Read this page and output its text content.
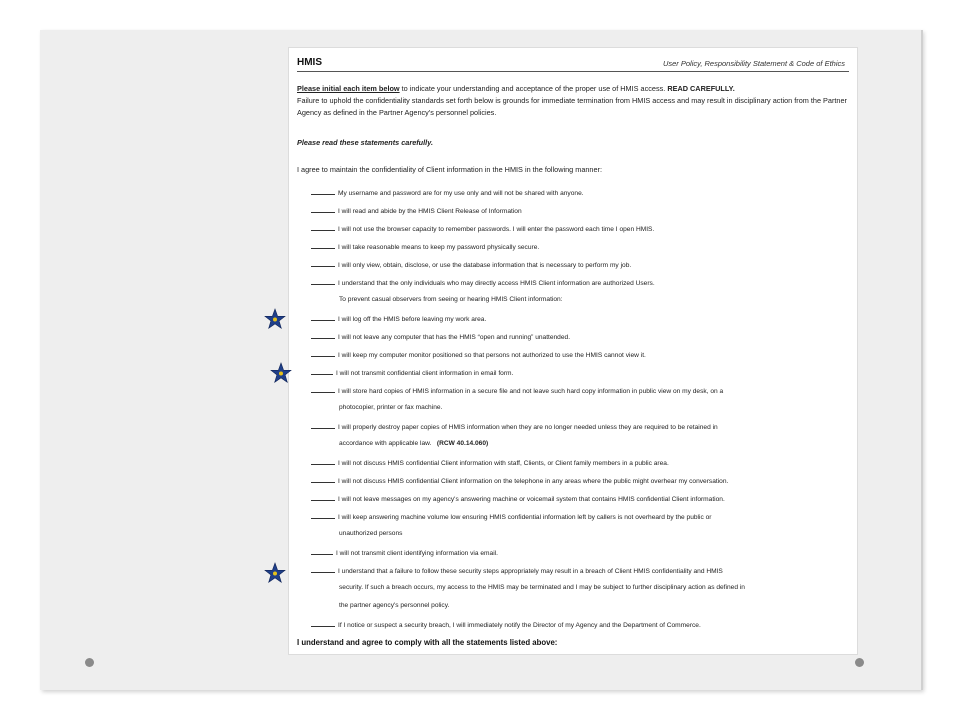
HMIS	User Policy, Responsibility Statement & Code of Ethics
Please initial each item below to indicate your understanding and acceptance of the proper use of HMIS access. READ CAREFULLY.
Failure to uphold the confidentiality standards set forth below is grounds for immediate termination from HMIS access and may result in disciplinary action from the Partner Agency as defined in the Partner Agency's personnel policies.
Please read these statements carefully.
I agree to maintain the confidentiality of Client information in the HMIS in the following manner:
My username and password are for my use only and will not be shared with anyone.
I will read and abide by the HMIS Client Release of Information
I will not use the browser capacity to remember passwords. I will enter the password each time I open HMIS.
I will take reasonable means to keep my password physically secure.
I will only view, obtain, disclose, or use the database information that is necessary to perform my job.
I understand that the only individuals who may directly access HMIS Client information are authorized Users.
To prevent casual observers from seeing or hearing HMIS Client information:
I will log off the HMIS before leaving my work area.
I will not leave any computer that has the HMIS “open and running” unattended.
I will keep my computer monitor positioned so that persons not authorized to use the HMIS cannot view it.
I will not transmit confidential client information in email form.
I will store hard copies of HMIS information in a secure file and not leave such hard copy information in public view on my desk, on a
photocopier, printer or fax machine.
I will properly destroy paper copies of HMIS information when they are no longer needed unless they are required to be retained in
accordance with applicable law. (RCW 40.14.060)
I will not discuss HMIS confidential Client information with staff, Clients, or Client family members in a public area.
I will not discuss HMIS confidential Client information on the telephone in any areas where the public might overhear my conversation.
I will not leave messages on my agency's answering machine or voicemail system that contains HMIS confidential Client information.
I will keep answering machine volume low ensuring HMIS confidential information left by callers is not overheard by the public or
unauthorized persons
I will not transmit client identifying information via email.
I understand that a failure to follow these security steps appropriately may result in a breach of Client HMIS confidentiality and HMIS
security. If such a breach occurs, my access to the HMIS may be terminated and I may be subject to further disciplinary action as defined in
the partner agency's personnel policy.
If I notice or suspect a security breach, I will immediately notify the Director of my Agency and the Department of Commerce.
I understand and agree to comply with all the statements listed above:
